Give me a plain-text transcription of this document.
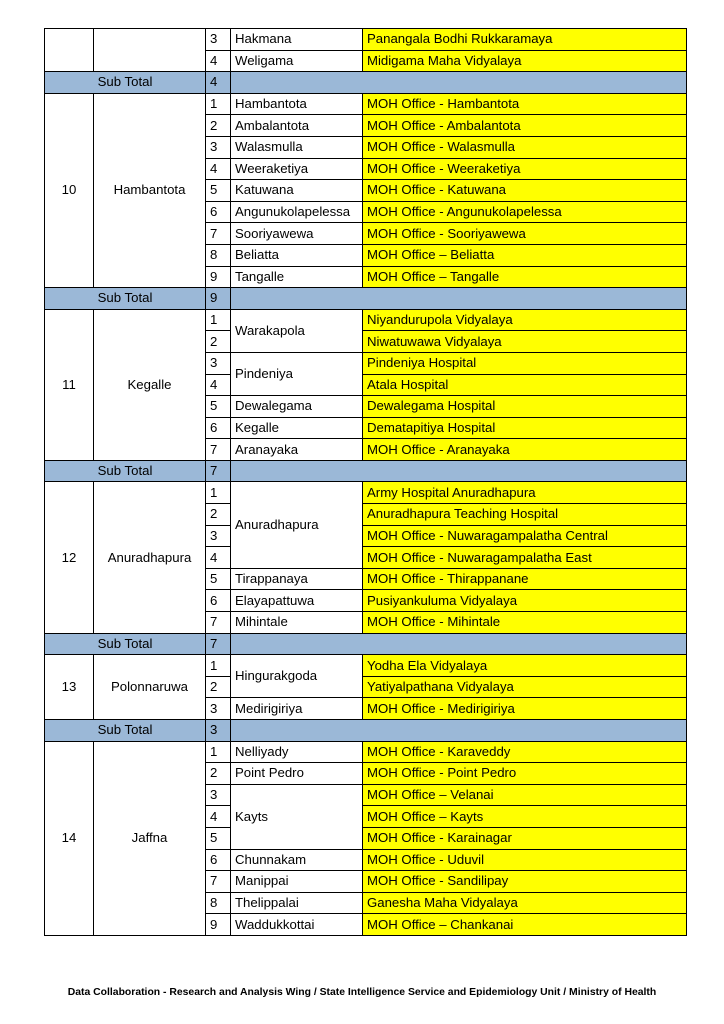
		3	Hakmana	Panangala Bodhi Rukkaramaya
		4	Weligama	Midigama Maha Vidyalaya
Sub Total		4		
10	Hambantota	1	Hambantota	MOH Office - Hambantota
		2	Ambalantota	MOH Office - Ambalantota
		3	Walasmulla	MOH Office - Walasmulla
		4	Weeraketiya	MOH Office - Weeraketiya
		5	Katuwana	MOH Office - Katuwana
		6	Angunukolapelessa	MOH Office - Angunukolapelessa
		7	Sooriyawewa	MOH Office - Sooriyawewa
		8	Beliatta	MOH Office – Beliatta
		9	Tangalle	MOH Office – Tangalle
Sub Total		9		
11	Kegalle	1	Warakapola	Niyandurupola Vidyalaya
		2		Niwatuwawa Vidyalaya
		3	Pindeniya	Pindeniya Hospital
		4		Atala Hospital
		5	Dewalegama	Dewalegama Hospital
		6	Kegalle	Dematapitiya Hospital
		7	Aranayaka	MOH Office - Aranayaka
Sub Total		7		
12	Anuradhapura	1	Anuradhapura	Army Hospital Anuradhapura
		2		Anuradhapura Teaching Hospital
		3		MOH Office - Nuwaragampalatha Central
		4		MOH Office - Nuwaragampalatha East
		5	Tirappanaya	MOH Office - Thirappanane
		6	Elayapattuwa	Pusiyankuluma Vidyalaya
		7	Mihintale	MOH Office - Mihintale
Sub Total		7		
13	Polonnaruwa	1	Hingurakgoda	Yodha Ela Vidyalaya
		2		Yatiyalpathana Vidyalaya
		3	Medirigiriya	MOH Office - Medirigiriya
Sub Total		3		
14	Jaffna	1	Nelliyady	MOH Office - Karaveddy
		2	Point Pedro	MOH Office - Point Pedro
		3	Kayts	MOH Office – Velanai
		4		MOH Office – Kayts
		5		MOH Office - Karainagar
		6	Chunnakam	MOH Office - Uduvil
		7	Manippai	MOH Office - Sandilipay
		8	Thelippalai	Ganesha Maha Vidyalaya
		9	Waddukkottai	MOH Office – Chankanai
Data Collaboration - Research and Analysis Wing / State Intelligence Service and Epidemiology Unit / Ministry of Health
